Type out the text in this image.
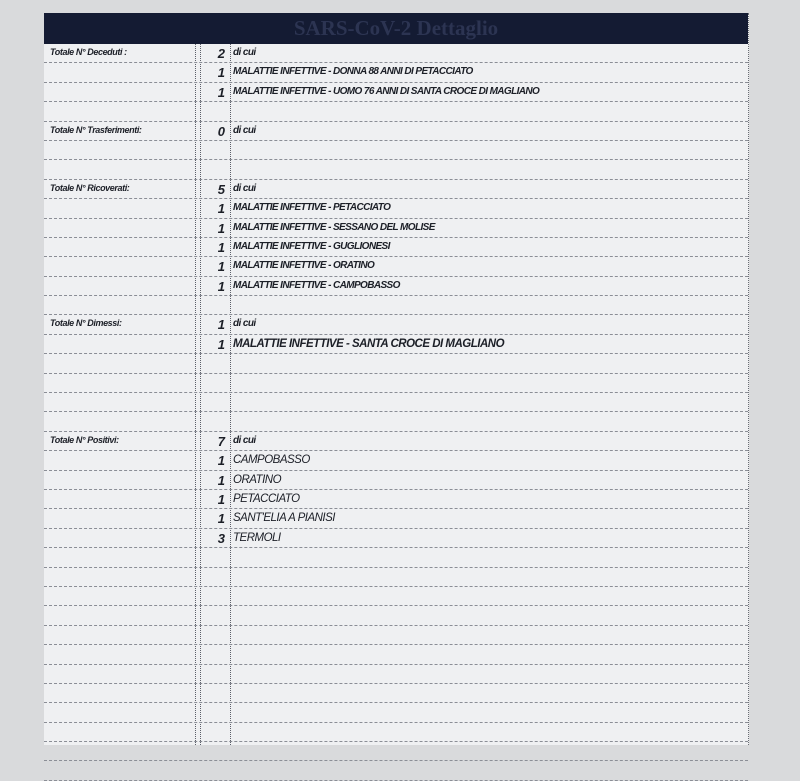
SARS-CoV-2 Dettaglio
Totale N° Deceduti :	2 di cui
1 MALATTIE INFETTIVE - DONNA 88 ANNI DI PETACCIATO
1 MALATTIE INFETTIVE - UOMO 76 ANNI DI SANTA CROCE DI MAGLIANO
Totale N° Trasferimenti:	0 di cui
Totale N° Ricoverati:	5 di cui
1 MALATTIE INFETTIVE - PETACCIATO
1 MALATTIE INFETTIVE - SESSANO DEL MOLISE
1 MALATTIE INFETTIVE - GUGLIONESI
1 MALATTIE INFETTIVE - ORATINO
1 MALATTIE INFETTIVE - CAMPOBASSO
Totale N° Dimessi:	1 di cui
1 MALATTIE INFETTIVE - SANTA CROCE DI MAGLIANO
Totale N° Positivi:	7 di cui
1 CAMPOBASSO
1 ORATINO
1 PETACCIATO
1 SANT'ELIA A PIANISI
3 TERMOLI
